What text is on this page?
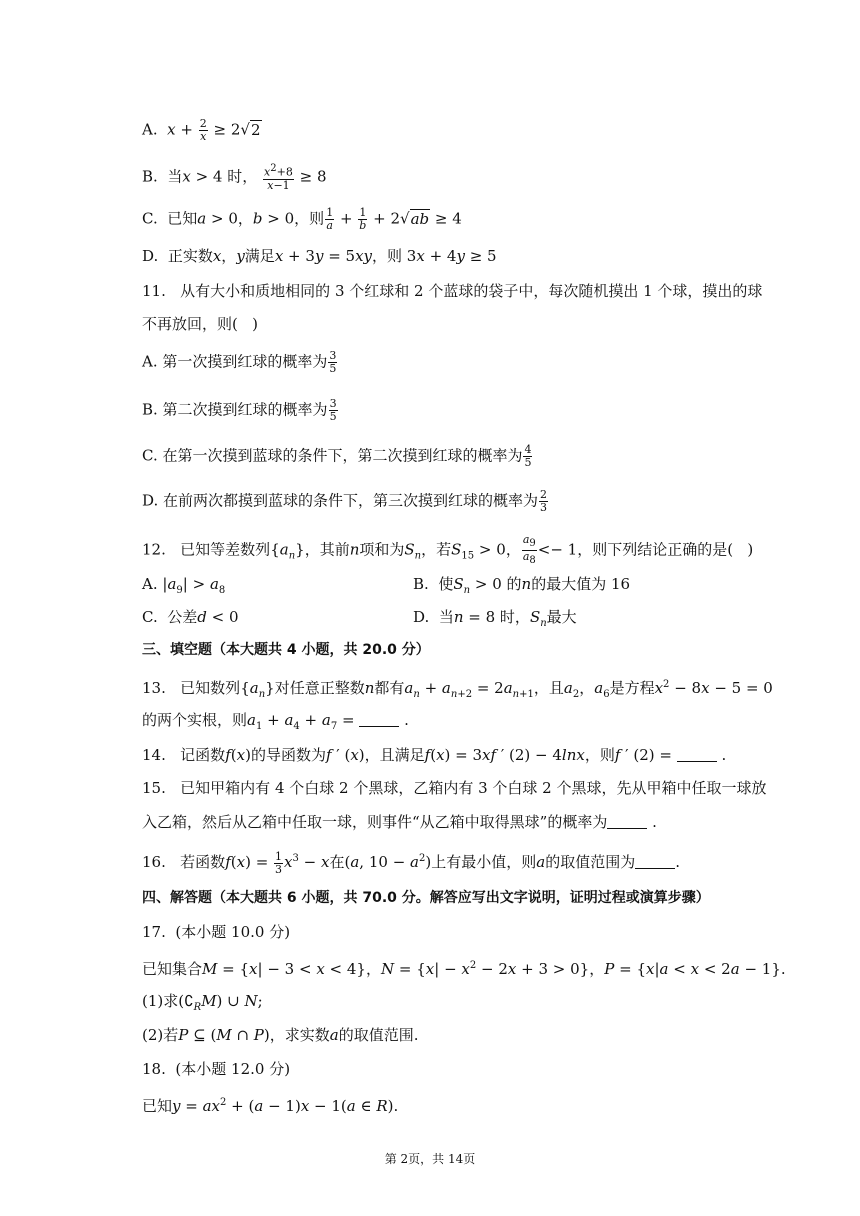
A. $x + \frac{2}{x} \ge 2√2$
B. 当x > 4 时， $\frac{x^2+8}{x-1} \ge 8$
C. 已知a > 0，b > 0，则 $\frac{1}{a} + \frac{1}{b} + 2√ab \ge 4$
D. 正实数x，y满足x + 3y = 5xy，则 3x + 4y ≥ 5
11. 从有大小和质地相同的 3 个红球和 2 个蓝球的袋子中，每次随机摸出 1 个球，摸出的球
不再放回，则(   )
A. 第一次摸到红球的概率为 $\frac{3}{5}$
B. 第二次摸到红球的概率为 $\frac{3}{5}$
C. 在第一次摸到蓝球的条件下，第二次摸到红球的概率为 $\frac{4}{5}$
D. 在前两次都摸到蓝球的条件下，第三次摸到红球的概率为 $\frac{2}{3}$
12. 已知等差数列$\{a_n\}$，其前n项和为$S_n$，若$S_{15} > 0$， $\frac{a_9}{a_8} <- 1$，则下列结论正确的是(   )
A. $|a_9| > a_8$	B. 使$S_n > 0$ 的n的最大值为 16
C. 公差d < 0	D. 当n = 8 时，$S_n$最大
三、填空题（本大题共 4 小题，共 20.0 分）
13. 已知数列$\{a_n\}$对任意正整数n都有$a_n + a_{n+2} = 2a_{n+1}$，且$a_2$，$a_6$是方程$x^2 - 8x - 5 = 0$
的两个实根，则$a_1 + a_4 + a_7$ =	.
14. 记函数f(x)的导函数为f ′ (x)，且满足f(x) = 3xf ′ (2) − 4lnx，则f ′ (2) =	.
15. 已知甲箱内有 4 个白球 2 个黑球，乙箱内有 3 个白球 2 个黑球，先从甲箱中任取一球放
入乙箱，然后从乙箱中任取一球，则事件“从乙箱中取得黑球”的概率为	.
16. 若函数$f(x) = \frac{1}{3} x^3 - x$在(a, $10 - a^2$)上有最小值，则a的取值范围为	.
四、解答题（本大题共 6 小题，共 70.0 分。解答应写出文字说明，证明过程或演算步骤）
17. (本小题 10.0 分)
已知集合M = {x| − 3 < x < 4}，$N = \{x| - x^2 - 2x + 3 > 0\}$，P = {x|a < x < 2a − 1}.
(1)求$(∁_RM)$ ∪ N;
(2)若P ⊆ (M ∩ P)，求实数a的取值范围.
18. (本小题 12.0 分)
已知$y = ax^2 + (a - 1)x - 1(a$ ∈ R).
第 2页，共 14页
